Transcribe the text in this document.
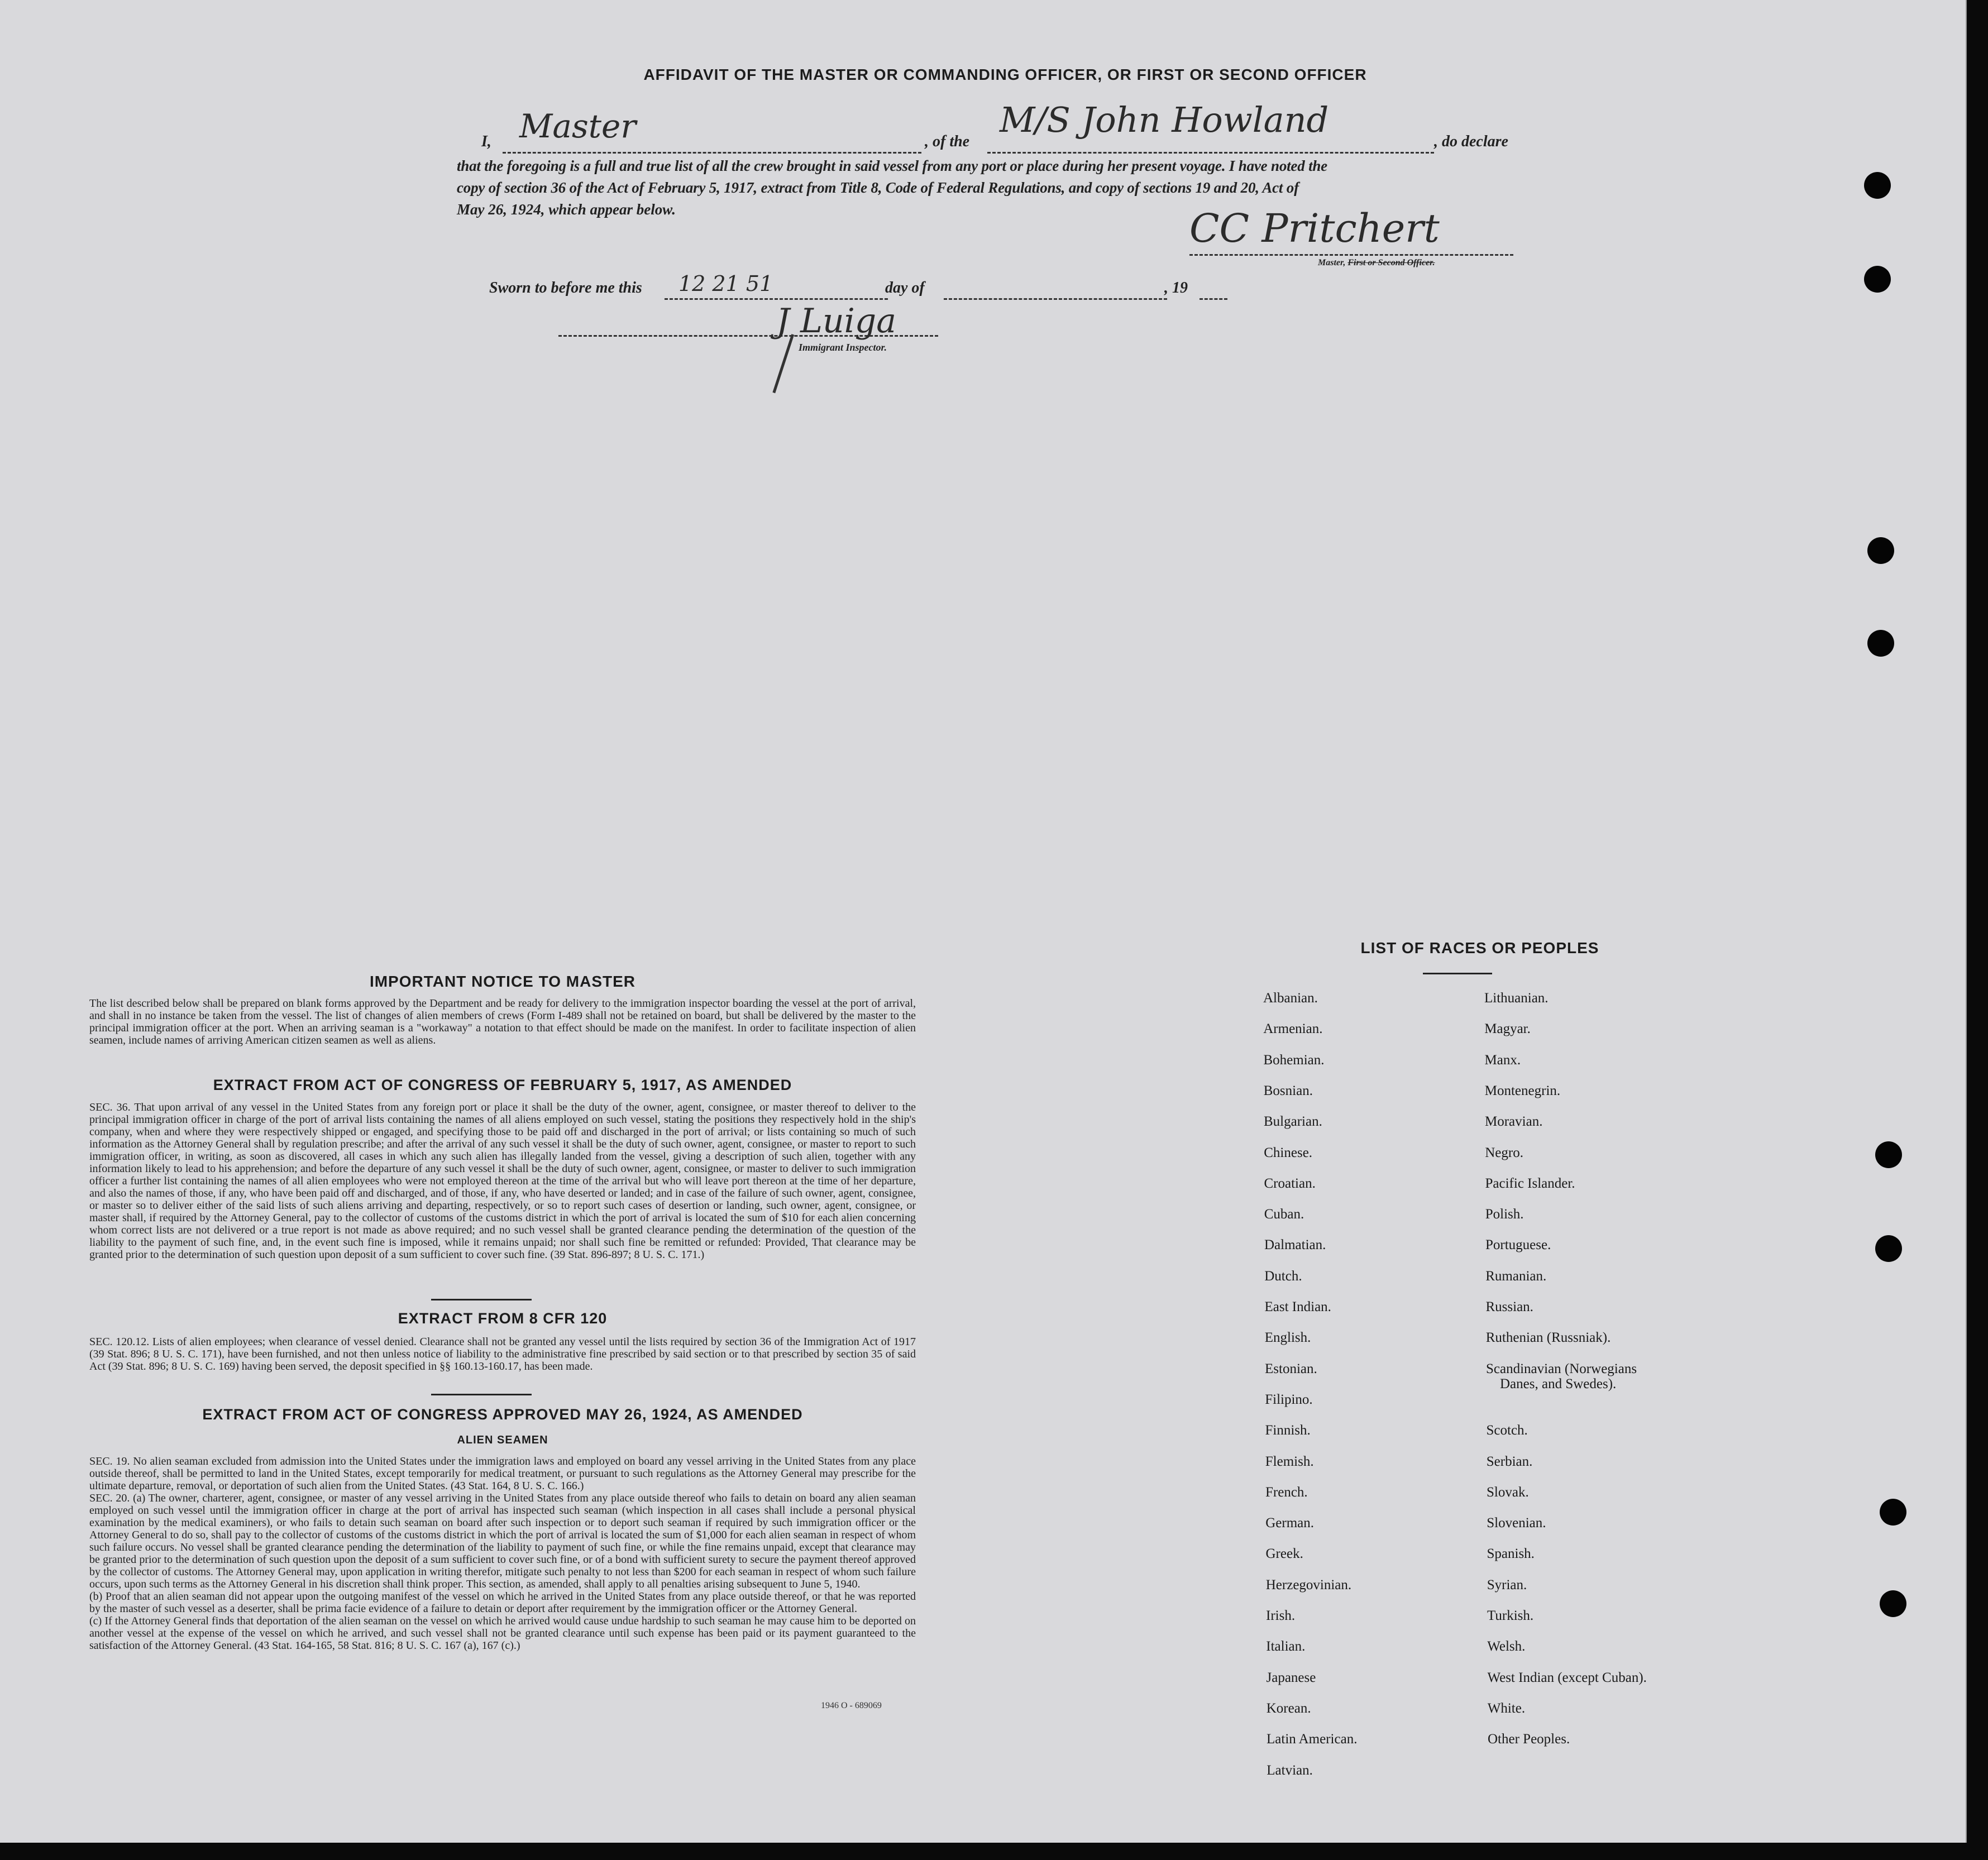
AFFIDAVIT OF THE MASTER OR COMMANDING OFFICER, OR FIRST OR SECOND OFFICER
I, Master	, of the
M/S John Howland
, do declare
that the foregoing is a full and true list of all the crew brought in said vessel from any port or place during her present voyage. I have noted the
copy of section 36 of the Act of February 5, 1917, extract from Title 8, Code of Federal Regulations, and copy of sections 19 and 20, Act of
May 26, 1924, which appear below.	CC Pritchert
Master, First or Second Officer.
Sworn to before me this 12 21 51	day of	, 19
J Luiga
Immigrant Inspector.
IMPORTANT NOTICE TO MASTER
The list described below shall be prepared on blank forms approved by the Department and be ready for delivery to the immigration inspector boarding the vessel at the port of arrival, and shall in no instance be taken from the vessel. The list of changes of alien members of crews (Form I-489 shall not be retained on board, but shall be delivered by the master to the principal immigration officer at the port. When an arriving seaman is a "workaway" a notation to that effect should be made on the manifest. In order to facilitate inspection of alien seamen, include names of arriving American citizen seamen as well as aliens.
EXTRACT FROM ACT OF CONGRESS OF FEBRUARY 5, 1917, AS AMENDED
SEC. 36. That upon arrival of any vessel in the United States from any foreign port or place it shall be the duty of the owner, agent, consignee, or master thereof to deliver to the principal immigration officer in charge of the port of arrival lists containing the names of all aliens employed on such vessel, stating the positions they respectively hold in the ship's company, when and where they were respectively shipped or engaged, and specifying those to be paid off and discharged in the port of arrival; or lists containing so much of such information as the Attorney General shall by regulation prescribe; and after the arrival of any such vessel it shall be the duty of such owner, agent, consignee, or master to report to such immigration officer, in writing, as soon as discovered, all cases in which any such alien has illegally landed from the vessel, giving a description of such alien, together with any information likely to lead to his apprehension; and before the departure of any such vessel it shall be the duty of such owner, agent, consignee, or master to deliver to such immigration officer a further list containing the names of all alien employees who were not employed thereon at the time of the arrival but who will leave port thereon at the time of her departure, and also the names of those, if any, who have been paid off and discharged, and of those, if any, who have deserted or landed; and in case of the failure of such owner, agent, consignee, or master so to deliver either of the said lists of such aliens arriving and departing, respectively, or so to report such cases of desertion or landing, such owner, agent, consignee, or master shall, if required by the Attorney General, pay to the collector of customs of the customs district in which the port of arrival is located the sum of $10 for each alien concerning whom correct lists are not delivered or a true report is not made as above required; and no such vessel shall be granted clearance pending the determination of the question of the liability to the payment of such fine, and, in the event such fine is imposed, while it remains unpaid; nor shall such fine be remitted or refunded: Provided, That clearance may be granted prior to the determination of such question upon deposit of a sum sufficient to cover such fine. (39 Stat. 896-897; 8 U. S. C. 171.)
EXTRACT FROM 8 CFR 120
SEC. 120.12. Lists of alien employees; when clearance of vessel denied. Clearance shall not be granted any vessel until the lists required by section 36 of the Immigration Act of 1917 (39 Stat. 896; 8 U. S. C. 171), have been furnished, and not then unless notice of liability to the administrative fine prescribed by said section or to that prescribed by section 35 of said Act (39 Stat. 896; 8 U. S. C. 169) having been served, the deposit specified in §§ 160.13-160.17, has been made.
EXTRACT FROM ACT OF CONGRESS APPROVED MAY 26, 1924, AS AMENDED
ALIEN SEAMEN
SEC. 19. No alien seaman excluded from admission into the United States under the immigration laws and employed on board any vessel arriving in the United States from any place outside thereof, shall be permitted to land in the United States, except temporarily for medical treatment, or pursuant to such regulations as the Attorney General may prescribe for the ultimate departure, removal, or deportation of such alien from the United States. (43 Stat. 164, 8 U. S. C. 166.)
SEC. 20. (a) The owner, charterer, agent, consignee, or master of any vessel arriving in the United States from any place outside thereof who fails to detain on board any alien seaman employed on such vessel until the immigration officer in charge at the port of arrival has inspected such seaman (which inspection in all cases shall include a personal physical examination by the medical examiners), or who fails to detain such seaman on board after such inspection or to deport such seaman if required by such immigration officer or the Attorney General to do so, shall pay to the collector of customs of the customs district in which the port of arrival is located the sum of $1,000 for each alien seaman in respect of whom such failure occurs. No vessel shall be granted clearance pending the determination of the liability to payment of such fine, or while the fine remains unpaid, except that clearance may be granted prior to the determination of such question upon the deposit of a sum sufficient to cover such fine, or of a bond with sufficient surety to secure the payment thereof approved by the collector of customs. The Attorney General may, upon application in writing therefor, mitigate such penalty to not less than $200 for each seaman in respect of whom such failure occurs, upon such terms as the Attorney General in his discretion shall think proper. This section, as amended, shall apply to all penalties arising subsequent to June 5, 1940.
(b) Proof that an alien seaman did not appear upon the outgoing manifest of the vessel on which he arrived in the United States from any place outside thereof, or that he was reported by the master of such vessel as a deserter, shall be prima facie evidence of a failure to detain or deport after requirement by the immigration officer or the Attorney General.
(c) If the Attorney General finds that deportation of the alien seaman on the vessel on which he arrived would cause undue hardship to such seaman he may cause him to be deported on another vessel at the expense of the vessel on which he arrived, and such vessel shall not be granted clearance until such expense has been paid or its payment guaranteed to the satisfaction of the Attorney General. (43 Stat. 164-165, 58 Stat. 816; 8 U. S. C. 167 (a), 167 (c).)
1946 O - 689069
LIST OF RACES OR PEOPLES
Albanian.
Armenian.
Bohemian.
Bosnian.
Bulgarian.
Chinese.
Croatian.
Cuban.
Dalmatian.
Dutch.
East Indian.
English.
Estonian.
Filipino.
Finnish.
Flemish.
French.
German.
Greek.
Herzegovinian.
Irish.
Italian.
Japanese
Korean.
Latin American.
Latvian.
Lithuanian.
Magyar.
Manx.
Montenegrin.
Moravian.
Negro.
Pacific Islander.
Polish.
Portuguese.
Rumanian.
Russian.
Ruthenian (Russniak).
Scandinavian (Norwegians
Danes, and Swedes).
Scotch.
Serbian.
Slovak.
Slovenian.
Spanish.
Syrian.
Turkish.
Welsh.
West Indian (except Cuban).
White.
Other Peoples.
